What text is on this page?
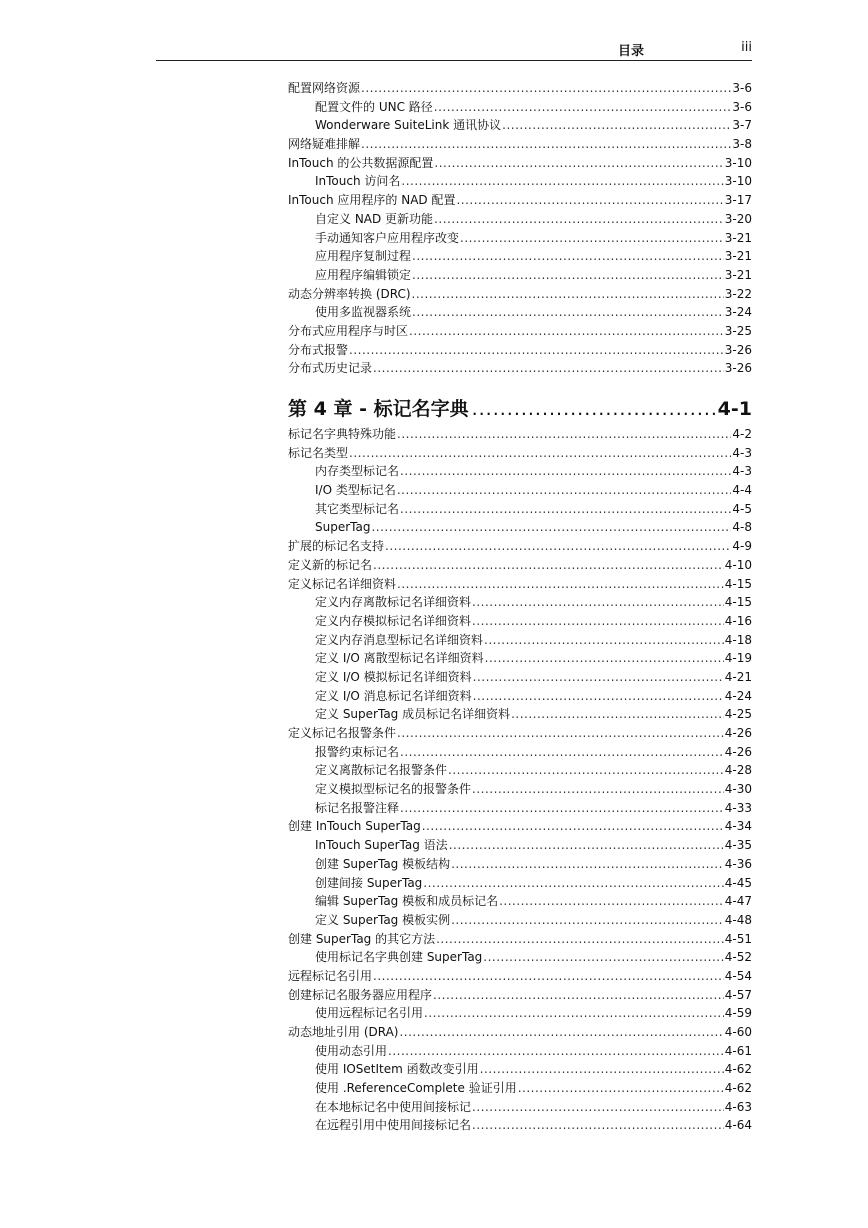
目录	iii
配置网络资源 .....	3-6
配置文件的 UNC 路径 .....	3-6
Wonderware SuiteLink 通讯协议 .....	3-7
网络疑难排解 .....	3-8
InTouch 的公共数据源配置 .....	3-10
InTouch 访问名 .....	3-10
InTouch 应用程序的 NAD 配置 .....	3-17
自定义 NAD 更新功能 .....	3-20
手动通知客户应用程序改变 .....	3-21
应用程序复制过程 .....	3-21
应用程序编辑锁定 .....	3-21
动态分辨率转换 (DRC) .....	3-22
使用多监视器系统 .....	3-24
分布式应用程序与时区 .....	3-25
分布式报警 .....	3-26
分布式历史记录 .....	3-26
第 4 章 - 标记名字典 .....	4-1
标记名字典特殊功能 .....	4-2
标记名类型 .....	4-3
内存类型标记名 .....	4-3
I/O 类型标记名 .....	4-4
其它类型标记名 .....	4-5
SuperTag .....	4-8
扩展的标记名支持 .....	4-9
定义新的标记名 .....	4-10
定义标记名详细资料 .....	4-15
定义内存离散标记名详细资料 .....	4-15
定义内存模拟标记名详细资料 .....	4-16
定义内存消息型标记名详细资料 .....	4-18
定义 I/O 离散型标记名详细资料 .....	4-19
定义 I/O 模拟标记名详细资料 .....	4-21
定义 I/O 消息标记名详细资料 .....	4-24
定义 SuperTag 成员标记名详细资料 .....	4-25
定义标记名报警条件 .....	4-26
报警约束标记名 .....	4-26
定义离散标记名报警条件 .....	4-28
定义模拟型标记名的报警条件 .....	4-30
标记名报警注释 .....	4-33
创建 InTouch SuperTag .....	4-34
InTouch SuperTag 语法 .....	4-35
创建 SuperTag 模板结构 .....	4-36
创建间接 SuperTag .....	4-45
编辑 SuperTag 模板和成员标记名 .....	4-47
定义 SuperTag 模板实例 .....	4-48
创建 SuperTag 的其它方法 .....	4-51
使用标记名字典创建 SuperTag .....	4-52
远程标记名引用 .....	4-54
创建标记名服务器应用程序 .....	4-57
使用远程标记名引用 .....	4-59
动态地址引用 (DRA) .....	4-60
使用动态引用 .....	4-61
使用 IOSetItem 函数改变引用 .....	4-62
使用 .ReferenceComplete 验证引用 .....	4-62
在本地标记名中使用间接标记 .....	4-63
在远程引用中使用间接标记名 .....	4-64
